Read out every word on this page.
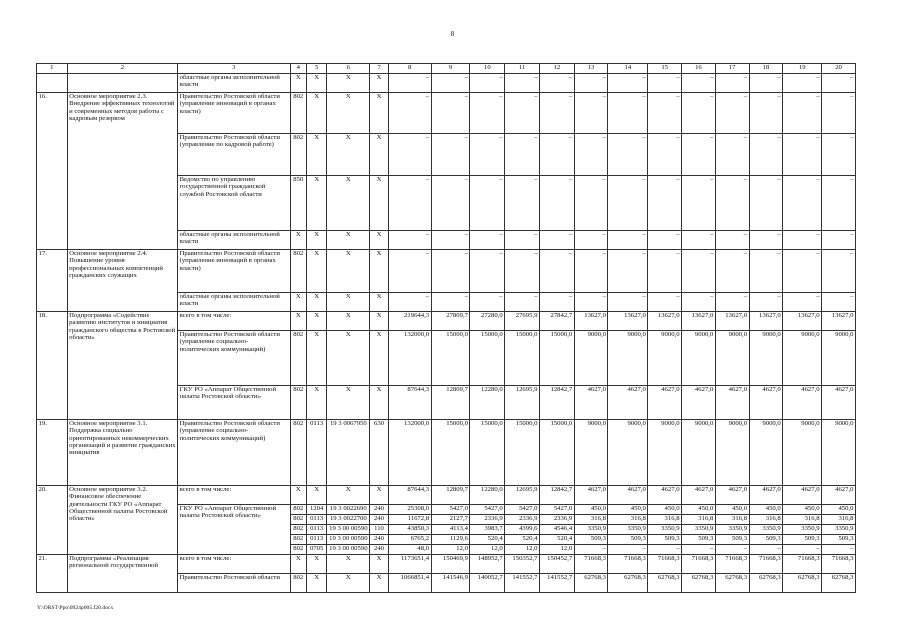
8
1	2	3	4	5	6	7	8	9	10	11	12	13	14	15	16	17	18	19	20
		областные органы исполнительной власти	X	X	X	X	–	–	–	–	–	–	–	–	–	–	–	–	–
16.	Основное мероприятие 2.3. Внедрение эффективных технологий и современных методов работы с кадровым резервом	Правительство Ростовской области (управление инноваций в органах власти)	802	X	X	X	–	–	–	–	–	–	–	–	–	–	–	–	–
		Правительство Ростовской области (управление по кадровой работе)	802	X	X	X	–	–	–	–	–	–	–	–	–	–	–	–	–
		Ведомство по управлению государственной гражданской службой Ростовской области	850	X	X	X	–	–	–	–	–	–	–	–	–	–	–	–	–
		областные органы исполнительной власти	X	X	X	X	–	–	–	–	–	–	–	–	–	–	–	–	–
17.	Основное мероприятие 2.4. Повышение уровня профессиональных компетенций гражданских служащих	Правительство Ростовской области (управление инноваций в органах власти)	802	X	X	X	–	–	–	–	–	–	–	–	–	–	–	–	–
		областные органы исполнительной власти	X	X	X	X	–	–	–	–	–	–	–	–	–	–	–	–	–
18.	Подпрограмма «Содействие развитию институтов и инициатив гражданского общества в Ростовской области»	всего в том числе:	X	X	X	X	219644,3	27809,7	27280,0	27695,9	27842,7	13627,0	13627,0	13627,0	13627,0	13627,0	13627,0	13627,0	13627,0
		Правительство Ростовской области (управление социально-политических коммуникаций)	802	X	X	X	132000,0	15000,0	15000,0	15000,0	15000,0	9000,0	9000,0	9000,0	9000,0	9000,0	9000,0	9000,0	9000,0
		ГКУ РО «Аппарат Общественной палаты Ростовской области»	802	X	X	X	87644,3	12809,7	12280,0	12695,9	12842,7	4627,0	4627,0	4627,0	4627,0	4627,0	4627,0	4627,0	4627,0
19.	Основное мероприятие 3.1. Поддержка социально ориентированных некоммерческих организаций и развитие гражданских инициатив	Правительство Ростовской области (управление социально-политических коммуникаций)	802	0113	19 3 0067950	630	132000,0	15000,0	15000,0	15000,0	15000,0	9000,0	9000,0	9000,0	9000,0	9000,0	9000,0	9000,0	9000,0
20.	Основное мероприятие 3.2. Финансовое обеспечение деятельности ГКУ РО «Аппарат Общественной палаты Ростовской области»	всего в том числе:	X	X	X	X	87644,3	12809,7	12280,0	12695,9	12842,7	4627,0	4627,0	4627,0	4627,0	4627,0	4627,0	4627,0	4627,0
		ГКУ РО «Аппарат Общественной палаты Ростовской области»	802	1204	19 3 0022690	240	25308,0	5427,0	5427,0	5427,0	5427,0	450,0	450,0	450,0	450,0	450,0	450,0	450,0	450,0
			802	0113	19 3 0022700	240	11672,8	2127,7	2336,9	2336,9	2336,9	316,8	316,8	316,8	316,8	316,8	316,8	316,8	316,8
			802	0113	19 3 00 00590	110	43850,3	4113,4	3983,7	4399,6	4546,4	3350,9	3350,9	3350,9	3350,9	3350,9	3350,9	3350,9	3350,9
			802	0113	19 3 00 00590	240	6765,2	1129,6	520,4	520,4	520,4	509,3	509,3	509,3	509,3	509,3	509,3	509,3	509,3
			802	0705	19 3 00 00590	240	48,0	12,0	12,0	12,0	12,0	–	–	–	–	–	–	–	–
21.	Подпрограмма «Реализация региональной государственной	всего в том числе:	X	X	X	X	1173651,4	150469,9	148952,7	150352,7	150452,7	71668,3	71668,3	71668,3	71668,3	71668,3	71668,3	71668,3	71668,3
		Правительство Ростовской области	802	X	X	X	1066851,4	141546,9	140052,7	141552,7	141552,7	62768,3	62768,3	62768,3	62768,3	62768,3	62768,3	62768,3	62768,3
Y:\ORST\Ppo\0924p005.f20.docx
